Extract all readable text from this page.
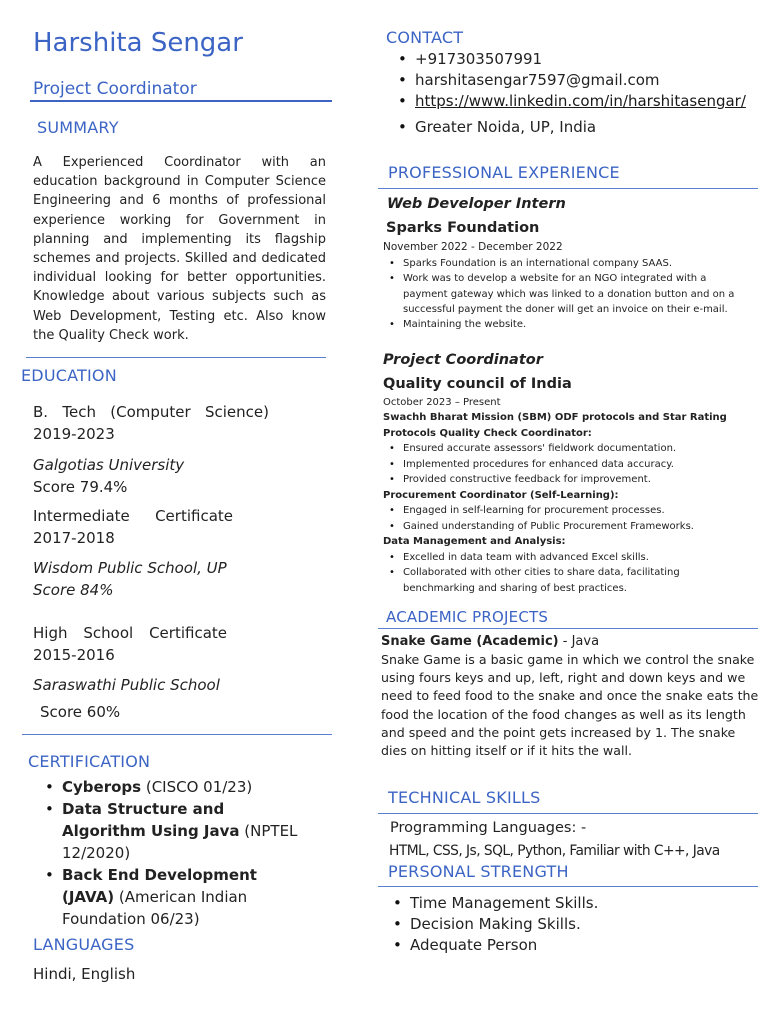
Harshita Sengar
Project Coordinator
SUMMARY
A Experienced Coordinator with an education background in Computer Science Engineering and 6 months of professional experience working for Government in planning and implementing its flagship schemes and projects. Skilled and dedicated individual looking for better opportunities. Knowledge about various subjects such as Web Development, Testing etc. Also know the Quality Check work.
EDUCATION
B. Tech (Computer Science)
2019-2023
Galgotias University
Score 79.4%
Intermediate Certificate
2017-2018
Wisdom Public School, UP
Score 84%
High School Certificate
2015-2016
Saraswathi Public School
Score 60%
CERTIFICATION
• Cyberops (CISCO 01/23)
• Data Structure and Algorithm Using Java (NPTEL 12/2020)
• Back End Development (JAVA) (American Indian Foundation 06/23)
LANGUAGES
Hindi, English
CONTACT
• +917303507991
• harshitasengar7597@gmail.com
• https://www.linkedin.com/in/harshitasengar/
• Greater Noida, UP, India
PROFESSIONAL EXPERIENCE
Web Developer Intern
Sparks Foundation
November 2022 - December 2022
• Sparks Foundation is an international company SAAS.
• Work was to develop a website for an NGO integrated with a payment gateway which was linked to a donation button and on a successful payment the doner will get an invoice on their e-mail.
• Maintaining the website.
Project Coordinator
Quality council of India
October 2023 – Present
Swachh Bharat Mission (SBM) ODF protocols and Star Rating Protocols Quality Check Coordinator:
• Ensured accurate assessors' fieldwork documentation.
• Implemented procedures for enhanced data accuracy.
• Provided constructive feedback for improvement.
Procurement Coordinator (Self-Learning):
• Engaged in self-learning for procurement processes.
• Gained understanding of Public Procurement Frameworks.
Data Management and Analysis:
• Excelled in data team with advanced Excel skills.
• Collaborated with other cities to share data, facilitating benchmarking and sharing of best practices.
ACADEMIC PROJECTS
Snake Game (Academic) - Java
Snake Game is a basic game in which we control the snake using fours keys and up, left, right and down keys and we need to feed food to the snake and once the snake eats the food the location of the food changes as well as its length and speed and the point gets increased by 1. The snake dies on hitting itself or if it hits the wall.
TECHNICAL SKILLS
Programming Languages: -
HTML, CSS, Js, SQL, Python, Familiar with C++, Java
PERSONAL STRENGTH
• Time Management Skills.
• Decision Making Skills.
• Adequate Person
